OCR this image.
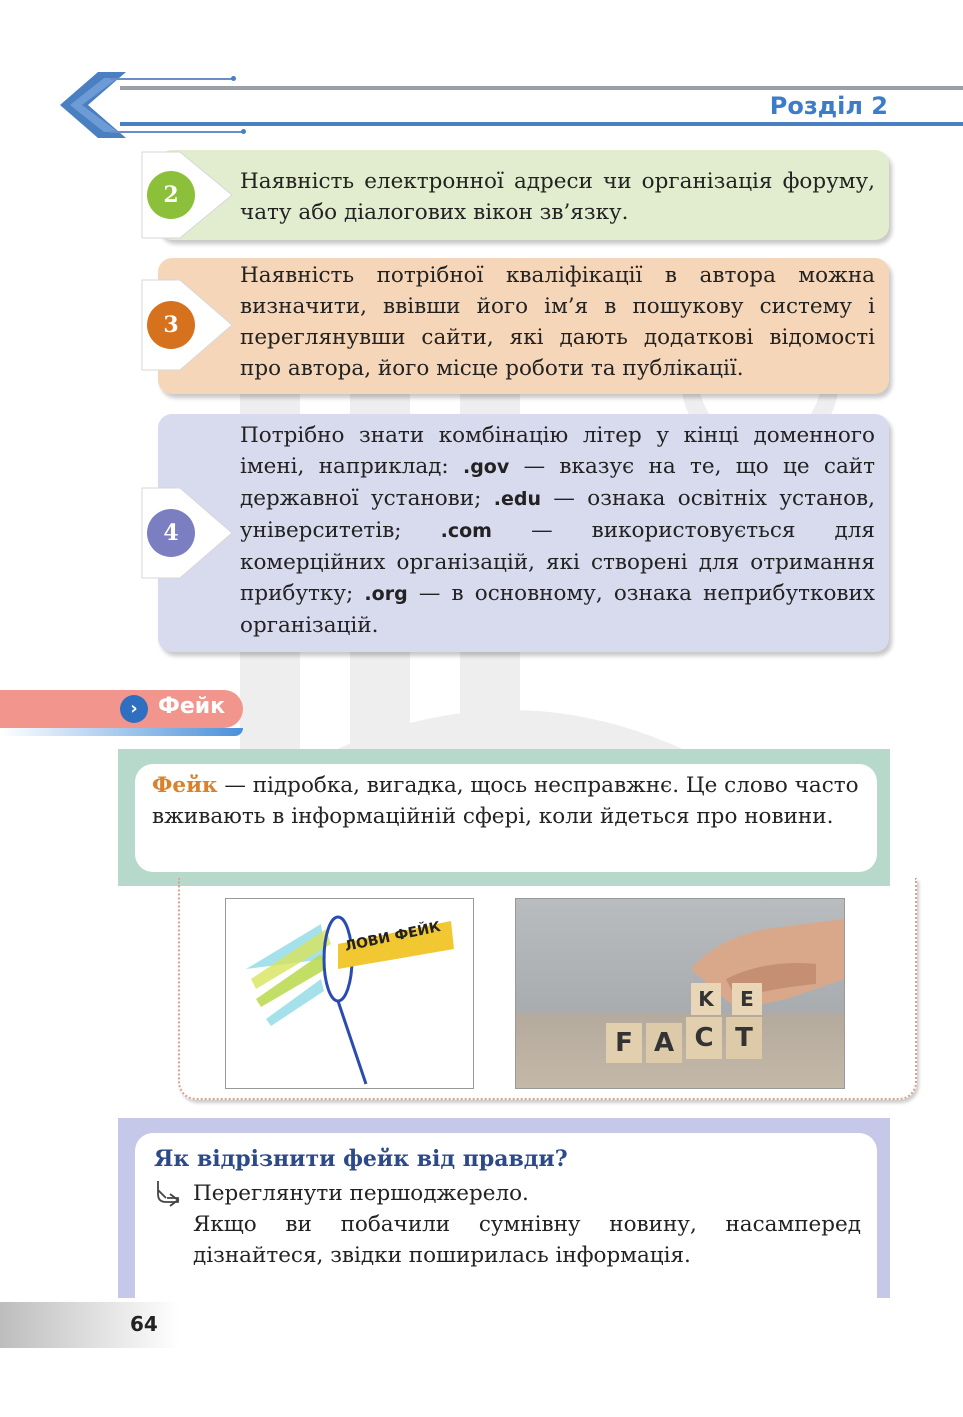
Розділ 2
2
Наявність електронної адреси чи організація форуму, чату або діалогових вікон зв’язку.
3
Наявність потрібної кваліфікації в автора можна визначити, ввівши його ім’я в пошукову систему і переглянувши сайти, які дають додаткові відомості про автора, його місце роботи та публікації.
4
Потрібно знати комбінацію літер у кінці доменного імені, наприклад: .gov — вказує на те, що це сайт державної установи; .edu — ознака освітніх установ, університетів; .com — використовується для комерційних організацій, які створені для отримання прибутку; .org — в основному, ознака неприбуткових організацій.
› Фейк
Фейк — підробка, вигадка, щось несправжнє. Це слово часто вживають в інформаційній сфері, коли йдеться про новини.
ЛОВИ ФЕЙК
F A C T
K	E
Як відрізнити фейк від правди?
Переглянути першоджерело.
Якщо ви побачили сумнівну новину, насамперед дізнайтеся, звідки поширилась інформація.
64
